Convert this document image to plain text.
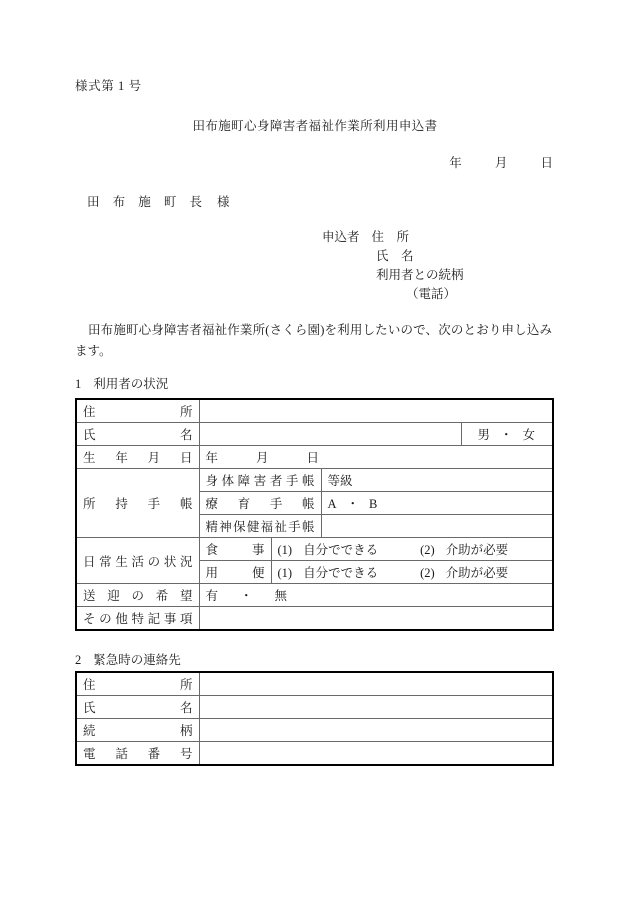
様式第 1 号
田布施町心身障害者福祉作業所利用申込書
年	月	日
田 布 施 町 長 様
申込者 住　所
氏　名
利用者との続柄
（電話）
田布施町心身障害者福祉作業所(さくら園)を利用したいので、次のとおり申し込みます。
1 利用者の状況
住所				
氏名				男 ・ 女
生年月日	年 月 日			
所持手帳	身体障害者手帳		等級	
	療育手帳		A ・ B	
	精神保健福祉手帳			
日常生活の状況	食事	(1) 自分でできる (2) 介助が必要		
	用便	(1) 自分でできる (2) 介助が必要		
送迎の希望	有 ・ 無			
その他特記事項				
2 緊急時の連絡先
住所	
氏名	
続柄	
電話番号	
